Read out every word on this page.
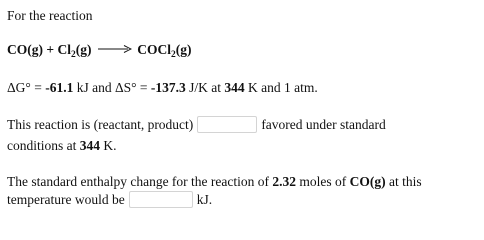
For the reaction
$CO(g) + Cl_2(g)$ → COCl$_2$(g)
ΔG° = -61.1 kJ and ΔS° = -137.3 J/K at 344 K and 1 atm.
This reaction is (reactant, product)	favored under standard
conditions at 344 K.
The standard enthalpy change for the reaction of 2.32 moles of CO(g) at this
temperature would be	kJ.
